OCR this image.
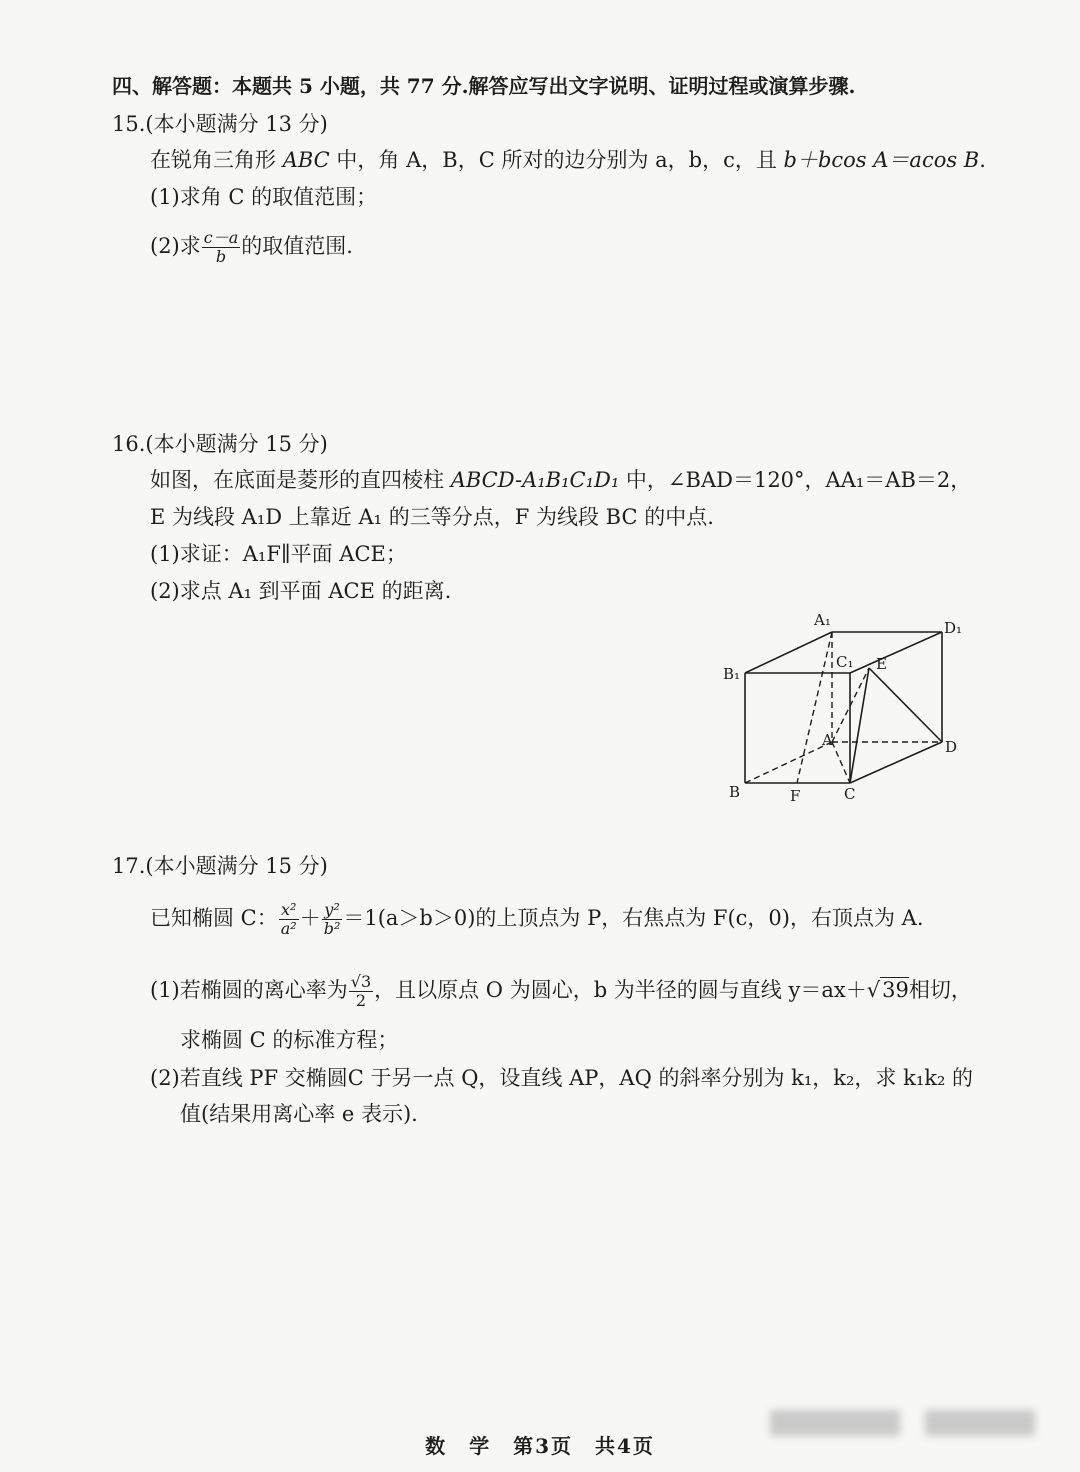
四、解答题：本题共 5 小题，共 77 分.解答应写出文字说明、证明过程或演算步骤.
15.(本小题满分 13 分)
在锐角三角形 ABC 中，角 A，B，C 所对的边分别为 a，b，c，且 b＋bcos A＝acos B.
(1)求角 C 的取值范围；
(2)求 $\frac{c-a}{b}$ 的取值范围.
16.(本小题满分 15 分)
如图，在底面是菱形的直四棱柱 ABCD-A₁B₁C₁D₁ 中，∠BAD＝120°，AA₁＝AB＝2，
E 为线段 A₁D 上靠近 A₁ 的三等分点，F 为线段 BC 的中点.
(1)求证：A₁F∥平面 ACE；
(2)求点 A₁ 到平面 ACE 的距离.
A₁	D₁
C₁ E
B₁
A	D
B	F	C
17.(本小题满分 15 分)
已知椭圆 C： $\frac{\text{x²}}{\text{a²}} + \frac{\text{y²}}{\text{b²}} =1(a>b>0)$的上顶点为 P，右焦点为 F(c，0)，右顶点为 A.
(1)若椭圆的离心率为 $\frac{√3}{2}$ ，且以原点 O 为圆心，b 为半径的圆与直线 y＝ax＋√39相切，
求椭圆 C 的标准方程；
(2)若直线 PF 交椭圆C 于另一点 Q，设直线 AP，AQ 的斜率分别为 k₁，k₂，求 k₁k₂ 的
值(结果用离心率 e 表示).
数　学　第3页　共4页
